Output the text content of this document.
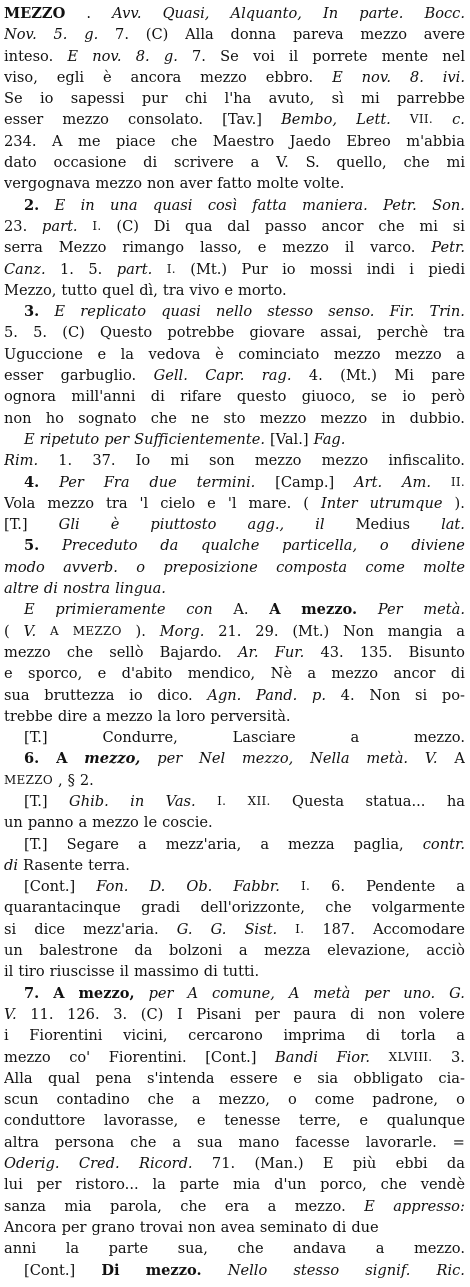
MEZZO . Avv. Quasi, Alquanto, In parte. Bocc.
Nov. 5. g. 7. (C) Alla donna pareva mezzo avere
inteso. E nov. 8. g. 7. Se voi il porrete mente nel
viso, egli è ancora mezzo ebbro. E nov. 8. ivi.
Se io sapessi pur chi l'ha avuto, sì mi parrebbe
esser mezzo consolato. [Tav.] Bembo, Lett. VII. c.
234. A me piace che Maestro Jaedo Ebreo m'abbia
dato occasione di scrivere a V. S. quello, che mi
vergognava mezzo non aver fatto molte volte.
2. E in una quasi così fatta maniera. Petr. Son.
23. part. I. (C) Di qua dal passo ancor che mi si
serra Mezzo rimango lasso, e mezzo il varco. Petr.
Canz. 1. 5. part. I. (Mt.) Pur io mossi indi i piedi
Mezzo, tutto quel dì, tra vivo e morto.
3. E replicato quasi nello stesso senso. Fir. Trin.
5. 5. (C) Questo potrebbe giovare assai, perchè tra
Uguccione e la vedova è cominciato mezzo mezzo a
esser garbuglio. Gell. Capr. rag. 4. (Mt.) Mi pare
ognora mill'anni di rifare questo giuoco, se io però
non ho sognato che ne sto mezzo mezzo in dubbio.
E ripetuto per Sufficientemente. [Val.] Fag.
Rim. 1. 37. Io mi son mezzo mezzo infiscalito.
4. Per Fra due termini. [Camp.] Art. Am. II.
Vola mezzo tra 'l cielo e 'l mare. ( Inter utrumque ).
[T.] Gli è piuttosto agg., il Medius lat.
5. Preceduto da qualche particella, o diviene
modo avverb. o preposizione composta come molte
altre di nostra lingua.
E primieramente con A. A mezzo. Per metà.
( V. A MEZZO ). Morg. 21. 29. (Mt.) Non mangia a
mezzo che sellò Bajardo. Ar. Fur. 43. 135. Bisunto
e sporco, e d'abito mendico, Nè a mezzo ancor di
sua bruttezza io dico. Agn. Pand. p. 4. Non si po-
trebbe dire a mezzo la loro perversità.
[T.]	Condurre,	Lasciare	a	mezzo.
6. A mezzo, per Nel mezzo, Nella metà. V. A
MEZZO , § 2.
[T.] Ghib. in Vas. I. XII. Questa statua... ha
un panno a mezzo le coscie.
[T.] Segare a mezz'aria, a mezza paglia, contr.
di Rasente terra.
[Cont.] Fon. D. Ob. Fabbr. I. 6. Pendente a
quarantacinque gradi dell'orizzonte, che volgarmente
si dice mezz'aria. G. G. Sist. I. 187. Accomodare
un balestrone da bolzoni a mezza elevazione, acciò
il tiro riuscisse il massimo di tutti.
7. A mezzo, per A comune, A metà per uno. G.
V. 11. 126. 3. (C) I Pisani per paura di non volere
i Fiorentini vicini, cercarono imprima di torla a
mezzo co' Fiorentini. [Cont.] Bandi Fior. XLVIII. 3.
Alla qual pena s'intenda essere e sia obbligato cia-
scun contadino che a mezzo, o come padrone, o
conduttore lavorasse, e tenesse terre, e qualunque
altra persona che a sua mano facesse lavorarle. =
Oderig. Cred. Ricord. 71. (Man.) E più ebbi da
lui per ristoro... la parte mia d'un porco, che vendè
sanza mia parola, che era a mezzo. E appresso:
Ancora per grano trovai non avea seminato di due
anni la parte sua, che andava a mezzo.
[Cont.] Di mezzo. Nello stesso signif. Ric.
